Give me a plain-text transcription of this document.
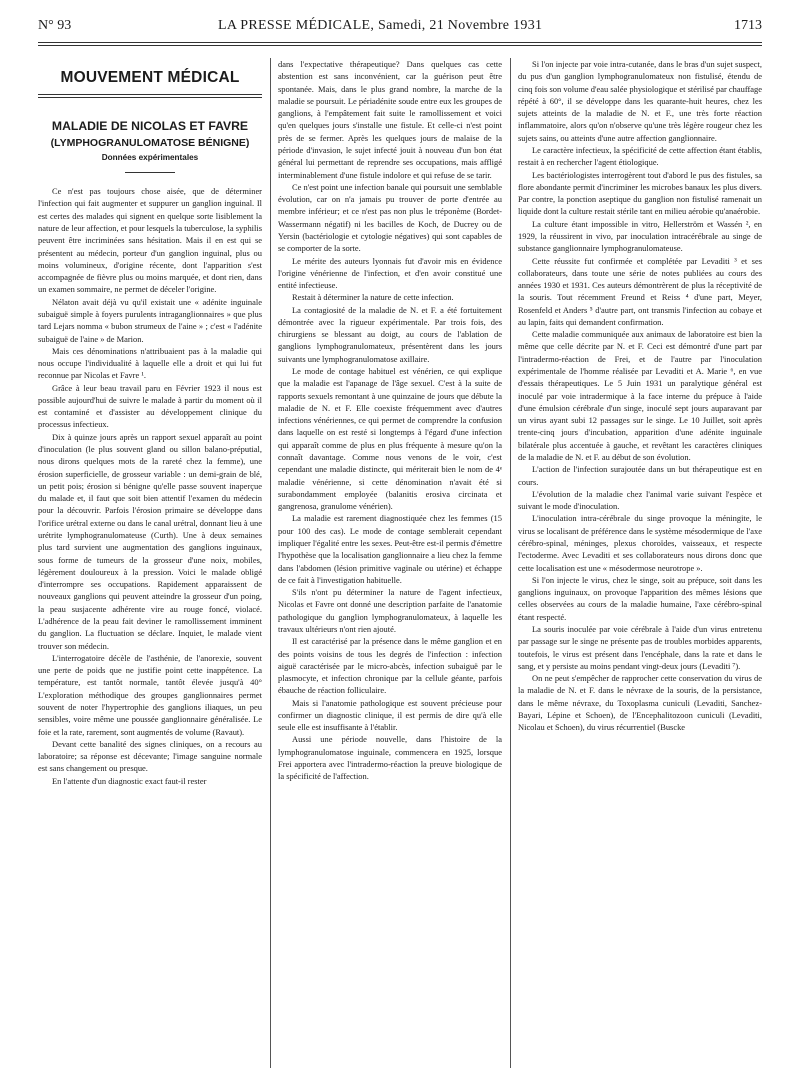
N° 93	LA PRESSE MÉDICALE, Samedi, 21 Novembre 1931	1713
MOUVEMENT MÉDICAL
MALADIE DE NICOLAS ET FAVRE
(LYMPHOGRANULOMATOSE BÉNIGNE)
Données expérimentales

Ce n'est pas toujours chose aisée, que de déterminer l'infection qui fait augmenter et suppurer un ganglion inguinal. Il est certes des malades qui signent en quelque sorte lisiblement la nature de leur affection, et pour lesquels la tuberculose, la syphilis peuvent être incriminées sans hésitation. Mais il en est qui se présentent au médecin, porteur d'un ganglion inguinal, plus ou moins volumineux, d'origine récente, dont l'apparition s'est accompagnée de fièvre plus ou moins marquée, et dont rien, dans un examen sommaire, ne permet de déceler l'origine.

Nélaton avait déjà vu qu'il existait une « adénite inguinale subaiguë simple à foyers purulents intraganglionnaires » que plus tard Lejars nomma « bubon strumeux de l'aine » ; c'est « l'adénite subaiguë de l'aine » de Marion.

Mais ces dénominations n'attribuaient pas à la maladie qui nous occupe l'individualité à laquelle elle a droit et qui lui fut reconnue par Nicolas et Favre ¹.

Grâce à leur beau travail paru en Février 1923 il nous est possible aujourd'hui de suivre le malade à partir du moment où il est contaminé et d'assister au développement clinique du processus infectieux.

Dix à quinze jours après un rapport sexuel apparaît au point d'inoculation (le plus souvent gland ou sillon balano-préputial, nous dirons quelques mots de la rareté chez la femme), une érosion superficielle, de grosseur variable : un demi-grain de blé, un petit pois; érosion si bénigne qu'elle passe souvent inaperçue du malade et, il faut que soit bien attentif l'examen du médecin pour la découvrir. Parfois l'érosion primaire se développe dans l'orifice urétral externe ou dans le canal urétral, donnant lieu à une urétrite lymphogranulomateuse (Curth). Une à deux semaines plus tard survient une augmentation des ganglions inguinaux, sous forme de tumeurs de la grosseur d'une noix, mobiles, légèrement douloureux à la pression. Voici le malade obligé d'interrompre ses occupations. Rapidement apparaissent de nouveaux ganglions qui peuvent atteindre la grosseur d'un poing, la peau susjacente adhérente vire au rouge foncé, violacé. L'adhérence de la peau fait deviner le ramollissement imminent du ganglion. La fluctuation se déclare. Inquiet, le malade vient trouver son médecin.

L'interrogatoire décèle de l'asthénie, de l'anorexie, souvent une perte de poids que ne justifie point cette inappétence. La température, est tantôt normale, tantôt élevée jusqu'à 40° L'exploration méthodique des groupes ganglionnaires permet souvent de noter l'hypertrophie des ganglions iliaques, un peu sensibles, voire même une poussée ganglionnaire généralisée. Le foie et la rate, rarement, sont augmentés de volume (Ravaut).

Devant cette banalité des signes cliniques, on a recours au laboratoire; sa réponse est décevante; l'image sanguine normale est sans changement ou presque.

En l'attente d'un diagnostic exact faut-il rester

dans l'expectative thérapeutique? Dans quelques cas cette abstention est sans inconvénient, car la guérison peut être spontanée. Mais, dans le plus grand nombre, la marche de la maladie se poursuit. Le périadénite soude entre eux les groupes de ganglions, à l'empâtement fait suite le ramollissement et voici qu'en quelques jours s'installe une fistule. Et celle-ci n'est point près de se fermer. Après les quelques jours de malaise de la période d'invasion, le sujet infecté jouit à nouveau d'un bon état général lui permettant de reprendre ses occupations, mais affligé interminablement d'une fistule indolore et qui refuse de se tarir.

Ce n'est point une infection banale qui poursuit une semblable évolution, car on n'a jamais pu trouver de porte d'entrée au membre inférieur; et ce n'est pas non plus le tréponème (Bordet-Wassermann négatif) ni les bacilles de Koch, de Ducrey ou de Yersin (bactériologie et cytologie négatives) qui sont capables de se comporter de la sorte.

Le mérite des auteurs lyonnais fut d'avoir mis en évidence l'origine vénérienne de l'infection, et d'en avoir constitué une entité infectieuse.

Restait à déterminer la nature de cette infection.

La contagiosité de la maladie de N. et F. a été fortuitement démontrée avec la rigueur expérimentale. Par trois fois, des chirurgiens se blessant au doigt, au cours de l'ablation de ganglions lymphogranulomateux, présentèrent dans les jours suivants une lymphogranulomatose axillaire.

Le mode de contage habituel est vénérien, ce qui explique que la maladie est l'apanage de l'âge sexuel. C'est à la suite de rapports sexuels remontant à une quinzaine de jours que débute la maladie de N. et F. Elle coexiste fréquemment avec d'autres infections vénériennes, ce qui permet de comprendre la confusion dans laquelle on est resté si longtemps à l'égard d'une infection qui apparaît comme de plus en plus fréquente à mesure qu'on la connaît davantage. Comme nous venons de le voir, c'est cependant une maladie distincte, qui mériterait bien le nom de 4ᵉ maladie vénérienne, si cette dénomination n'avait été si surabondamment employée (balanitis erosiva circinata et gangrenosa, granulome vénérien).

La maladie est rarement diagnostiquée chez les femmes (15 pour 100 des cas). Le mode de contage semblerait cependant impliquer l'égalité entre les sexes. Peut-être est-il permis d'émettre l'hypothèse que la localisation ganglionnaire a lieu chez la femme dans l'abdomen (lésion primitive vaginale ou utérine) et échappe de ce fait à l'investigation habituelle.

S'ils n'ont pu déterminer la nature de l'agent infectieux, Nicolas et Favre ont donné une description parfaite de l'anatomie pathologique du ganglion lymphogranulomateux, à laquelle les travaux ultérieurs n'ont rien ajouté.

Il est caractérisé par la présence dans le même ganglion et en des points voisins de tous les degrés de l'infection : infection aiguë caractérisée par le micro-abcès, infection subaiguë par le plasmocyte, et infection chronique par la cellule géante, parfois ébauche de réaction folliculaire.

Mais si l'anatomie pathologique est souvent précieuse pour confirmer un diagnostic clinique, il est permis de dire qu'à elle seule elle est insuffisante à l'établir.

Aussi une période nouvelle, dans l'histoire de la lymphogranulomatose inguinale, commencera en 1925, lorsque Frei apportera avec l'intradermo-réaction la preuve biologique de la spécificité de l'affection.

Si l'on injecte par voie intra-cutanée, dans le bras d'un sujet suspect, du pus d'un ganglion lymphogranulomateux non fistulisé, étendu de cinq fois son volume d'eau salée physiologique et stérilisé par chauffage répété à 60°, il se développe dans les quarante-huit heures, chez les sujets atteints de la maladie de N. et F., une très forte réaction inflammatoire, alors qu'on n'observe qu'une très légère rougeur chez les sujets sains, ou atteints d'une autre affection ganglionnaire.

Le caractère infectieux, la spécificité de cette affection étant établis, restait à en rechercher l'agent étiologique.

Les bactériologistes interrogèrent tout d'abord le pus des fistules, sa flore abondante permit d'incriminer les microbes banaux les plus divers. Par contre, la ponction aseptique du ganglion non fistulisé ramenait un liquide dont la culture restait stérile tant en milieu aérobie qu'anaérobie.

La culture étant impossible in vitro, Hellerström et Wassén ², en 1929, la réussirent in vivo, par inoculation intracérébrale au singe de substance ganglionnaire lymphogranulomateuse.

Cette réussite fut confirmée et complétée par Levaditi ³ et ses collaborateurs, dans toute une série de notes publiées au cours des années 1930 et 1931. Ces auteurs démontrèrent de plus la réceptivité de la souris. Tout récemment Freund et Reiss ⁴ d'une part, Meyer, Rosenfeld et Anders ⁵ d'autre part, ont transmis l'infection au cobaye et au lapin, faits qui demandent confirmation.

Cette maladie communiquée aux animaux de laboratoire est bien la même que celle décrite par N. et F. Ceci est démontré d'une part par l'intradermo-réaction de Frei, et de l'autre par l'inoculation expérimentale de l'homme réalisée par Levaditi et A. Marie ⁶, en vue d'essais thérapeutiques. Le 5 Juin 1931 un paralytique général est inoculé par voie intradermique à la face interne du prépuce à l'aide d'une émulsion cérébrale d'un singe, inoculé sept jours auparavant par un virus ayant subi 12 passages sur le singe. Le 10 Juillet, soit après trente-cinq jours d'incubation, apparition d'une adénite inguinale bilatérale plus accentuée à gauche, et revêtant les caractères cliniques de la maladie de N. et F. au début de son évolution.

L'action de l'infection surajoutée dans un but thérapeutique est en cours.

L'évolution de la maladie chez l'animal varie suivant l'espèce et suivant le mode d'inoculation.

L'inoculation intra-cérébrale du singe provoque la méningite, le virus se localisant de préférence dans le système mésodermique de l'axe cérébro-spinal, méninges, plexus choroïdes, vaisseaux, et respecte l'ectoderme. Avec Levaditi et ses collaborateurs nous dirons donc que cette localisation est une « mésodermose neurotrope ».

Si l'on injecte le virus, chez le singe, soit au prépuce, soit dans les ganglions inguinaux, on provoque l'apparition des mêmes lésions que celles observées au cours de la maladie humaine, l'axe cérébro-spinal étant respecté.

La souris inoculée par voie cérébrale à l'aide d'un virus entretenu par passage sur le singe ne présente pas de troubles morbides apparents, toutefois, le virus est présent dans l'encéphale, dans la rate et dans le sang, et y persiste au moins pendant vingt-deux jours (Levaditi ⁷).

On ne peut s'empêcher de rapprocher cette conservation du virus de la maladie de N. et F. dans le névraxe de la souris, de la persistance, dans le même névraxe, du Toxoplasma cuniculi (Levaditi, Sanchez-Bayari, Lépine et Schoen), de l'Encephalitozoon cuniculi (Levaditi, Nicolau et Schoen), du virus récurrentiel (Buscke
